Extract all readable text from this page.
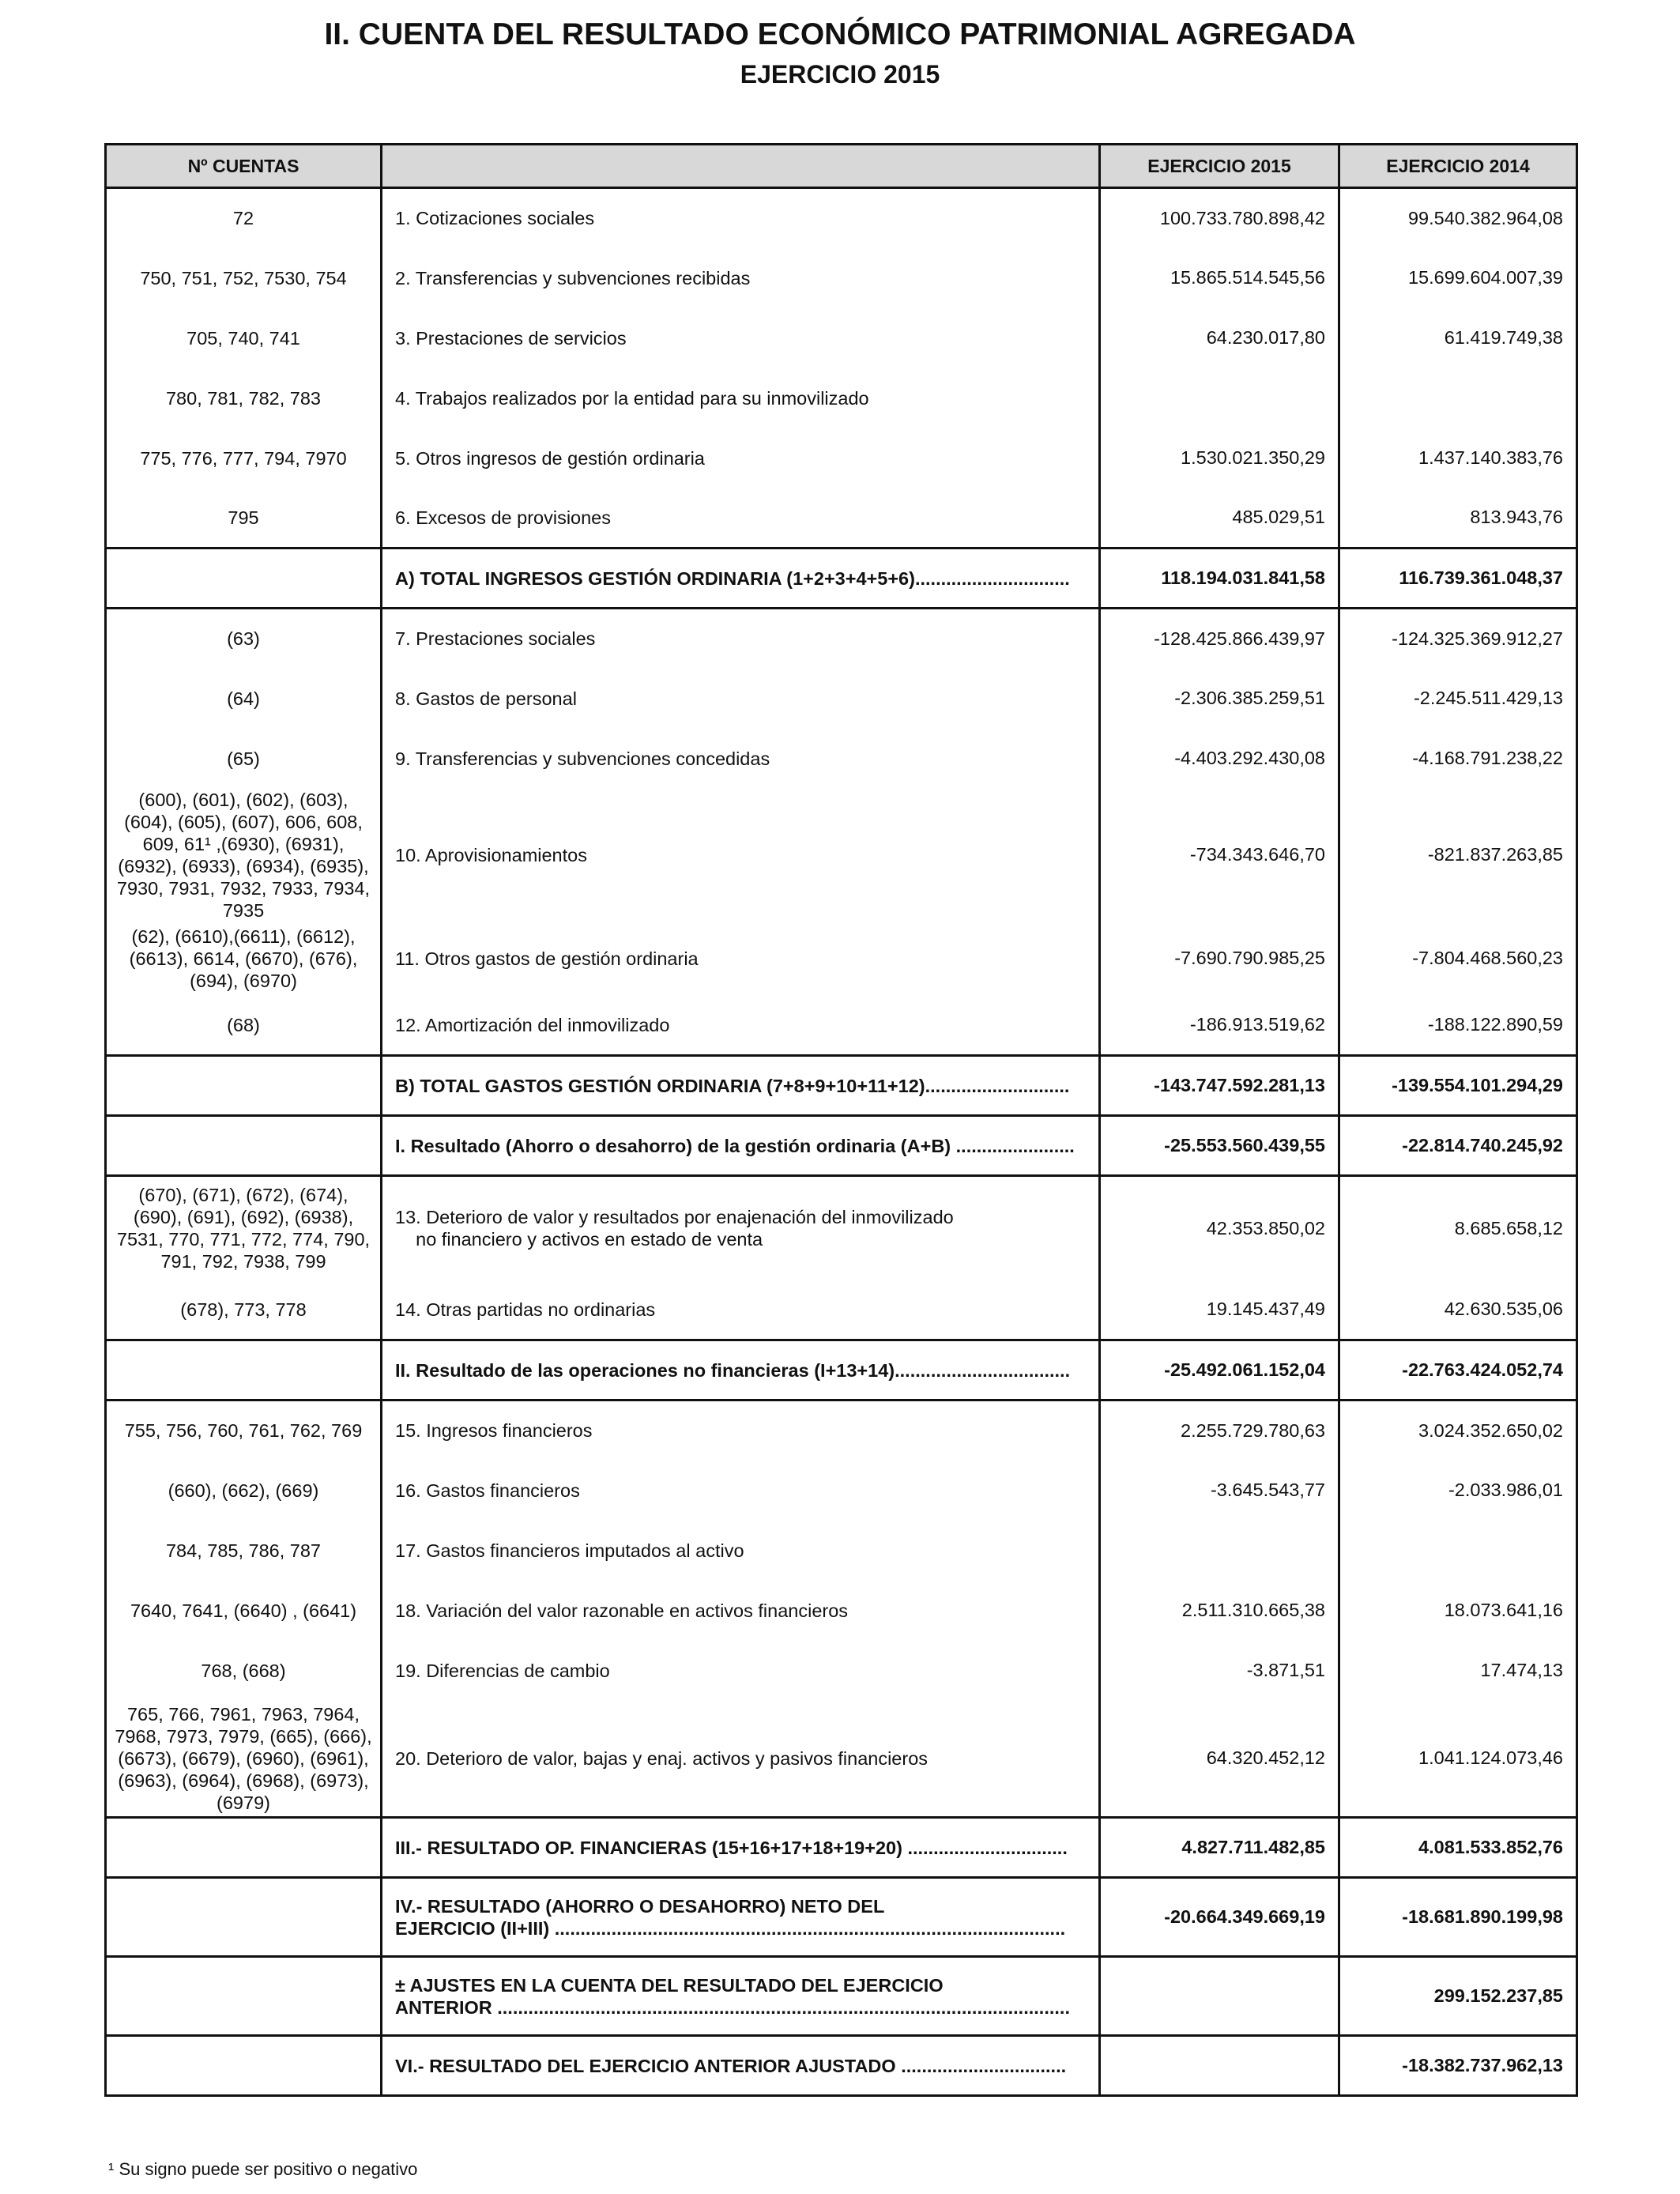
II. CUENTA DEL RESULTADO ECONÓMICO PATRIMONIAL AGREGADA
EJERCICIO 2015
Nº CUENTAS		EJERCICIO 2015	EJERCICIO 2014
72	1. Cotizaciones sociales	100.733.780.898,42	99.540.382.964,08
750, 751, 752, 7530, 754	2. Transferencias y subvenciones recibidas	15.865.514.545,56	15.699.604.007,39
705, 740, 741	3. Prestaciones de servicios	64.230.017,80	61.419.749,38
780, 781, 782, 783	4. Trabajos realizados por la entidad para su inmovilizado		
775, 776, 777, 794, 7970	5. Otros ingresos de gestión ordinaria	1.530.021.350,29	1.437.140.383,76
795	6. Excesos de provisiones	485.029,51	813.943,76
	A) TOTAL INGRESOS GESTIÓN ORDINARIA (1+2+3+4+5+6)..............................	118.194.031.841,58	116.739.361.048,37
(63)	7. Prestaciones sociales	-128.425.866.439,97	-124.325.369.912,27
(64)	8. Gastos de personal	-2.306.385.259,51	-2.245.511.429,13
(65)	9. Transferencias y subvenciones concedidas	-4.403.292.430,08	-4.168.791.238,22
(600), (601), (602), (603), (604), (605), (607), 606, 608, 609, 61¹ ,(6930), (6931), (6932), (6933), (6934), (6935), 7930, 7931, 7932, 7933, 7934, 7935	10. Aprovisionamientos	-734.343.646,70	-821.837.263,85
(62), (6610),(6611), (6612), (6613), 6614, (6670), (676), (694), (6970)	11. Otros gastos de gestión ordinaria	-7.690.790.985,25	-7.804.468.560,23
(68)	12. Amortización del inmovilizado	-186.913.519,62	-188.122.890,59
	B) TOTAL GASTOS GESTIÓN ORDINARIA (7+8+9+10+11+12)............................	-143.747.592.281,13	-139.554.101.294,29
	I. Resultado (Ahorro o desahorro) de la gestión ordinaria (A+B) .......................	-25.553.560.439,55	-22.814.740.245,92
(670), (671), (672), (674), (690), (691), (692), (6938), 7531, 770, 771, 772, 774, 790, 791, 792, 7938, 799	13. Deterioro de valor y resultados por enajenación del inmovilizado
no financiero y activos en estado de venta	42.353.850,02	8.685.658,12
(678), 773, 778	14. Otras partidas no ordinarias	19.145.437,49	42.630.535,06
	II. Resultado de las operaciones no financieras (I+13+14)..................................	-25.492.061.152,04	-22.763.424.052,74
755, 756, 760, 761, 762, 769	15. Ingresos financieros	2.255.729.780,63	3.024.352.650,02
(660), (662), (669)	16. Gastos financieros	-3.645.543,77	-2.033.986,01
784, 785, 786, 787	17. Gastos financieros imputados al activo		
7640, 7641, (6640) , (6641)	18. Variación del valor razonable en activos financieros	2.511.310.665,38	18.073.641,16
768, (668)	19. Diferencias de cambio	-3.871,51	17.474,13
765, 766, 7961, 7963, 7964, 7968, 7973, 7979, (665), (666), (6673), (6679), (6960), (6961), (6963), (6964), (6968), (6973), (6979)	20. Deterioro de valor, bajas y enaj. activos y pasivos financieros	64.320.452,12	1.041.124.073,46
	III.- RESULTADO OP. FINANCIERAS (15+16+17+18+19+20) ...............................	4.827.711.482,85	4.081.533.852,76
	IV.- RESULTADO (AHORRO O DESAHORRO) NETO DEL
EJERCICIO (II+III) ...................................................................................................	-20.664.349.669,19	-18.681.890.199,98
	± AJUSTES EN LA CUENTA DEL RESULTADO DEL EJERCICIO
ANTERIOR ...............................................................................................................		299.152.237,85
	VI.- RESULTADO DEL EJERCICIO ANTERIOR AJUSTADO ................................		-18.382.737.962,13
¹ Su signo puede ser positivo o negativo
